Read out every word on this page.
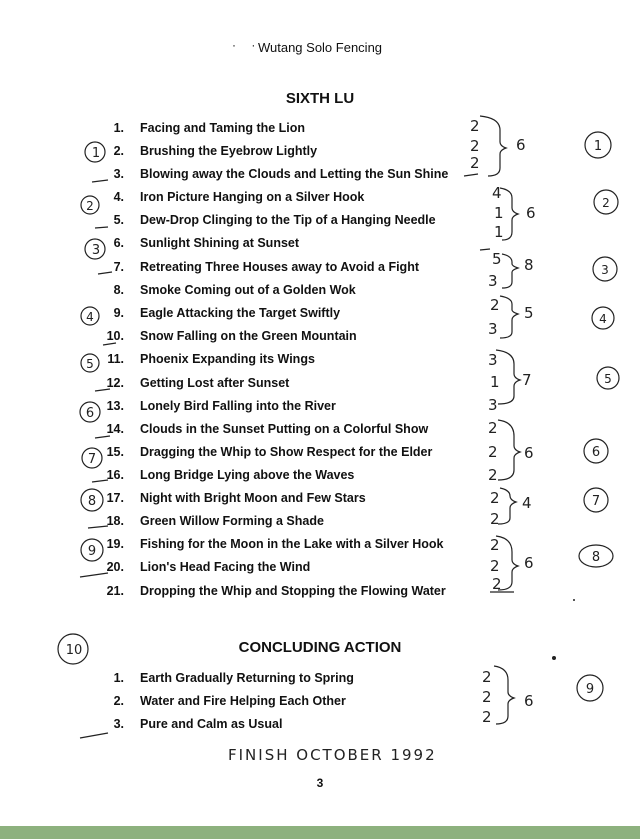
· ·
Wutang Solo Fencing
SIXTH LU
1. Facing and Taming the Lion
2. Brushing the Eyebrow Lightly
3. Blowing away the Clouds and Letting the Sun Shine
4. Iron Picture Hanging on a Silver Hook
5. Dew-Drop Clinging to the Tip of a Hanging Needle
6. Sunlight Shining at Sunset
7. Retreating Three Houses away to Avoid a Fight
8. Smoke Coming out of a Golden Wok
9. Eagle Attacking the Target Swiftly
10. Snow Falling on the Green Mountain
11. Phoenix Expanding its Wings
12. Getting Lost after Sunset
13. Lonely Bird Falling into the River
14. Clouds in the Sunset Putting on a Colorful Show
15. Dragging the Whip to Show Respect for the Elder
16. Long Bridge Lying above the Waves
17. Night with Bright Moon and Few Stars
18. Green Willow Forming a Shade
19. Fishing for the Moon in the Lake with a Silver Hook
20. Lion's Head Facing the Wind
21. Dropping the Whip and Stopping the Flowing Water
CONCLUDING ACTION
1. Earth Gradually Returning to Spring
2. Water and Fire Helping Each Other
3. Pure and Calm as Usual
1
2
3
4
5
6
7
8
9
10
1
2
3
4
5
6
7
8
9
2
2
2
4
1
1
5
3
2
3
3
1
3
2
2
2
2
2
2
2
2
2
2
2
6
6
8
5
7
6
4
6
6
FINISH OCTOBER 1992
3
